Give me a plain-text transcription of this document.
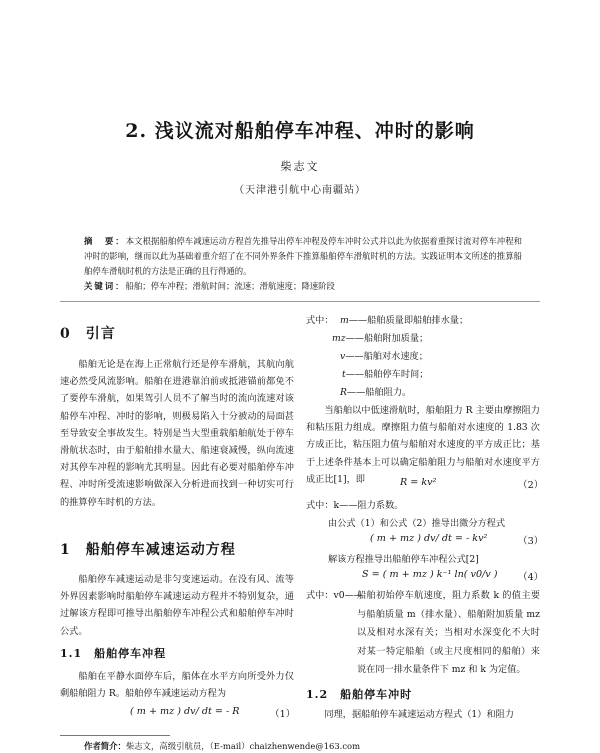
2. 浅议流对船舶停车冲程、冲时的影响
柴志文
（天津港引航中心南疆站）
摘　要：本文根据船舶停车减速运动方程首先推导出停车冲程及停车冲时公式并以此为依据着重探讨流对停车冲程和冲时的影响，继而以此为基础着重介绍了在不同外界条件下推算船舶停车滑航时机的方法。实践证明本文所述的推算船舶停车滑航时机的方法是正确的且行得通的。
关键词：船舶；停车冲程；滑航时间；流速；滑航速度；降速阶段
0　引言
船舶无论是在海上正常航行还是停车滑航，其航向航速必然受风流影响。船舶在进港靠泊前或抵港锚前都免不了要停车滑航，如果驾引人员不了解当时的流向流速对该船停车冲程、冲时的影响，则极易陷入十分被动的局面甚至导致安全事故发生。特别是当大型重载船舶航处于停车滑航状态时，由于船舶排水量大、船速衰减慢，纵向流速对其停车冲程的影响尤其明显。因此有必要对船舶停车冲程、冲时所受流速影响做深入分析进而找到一种切实可行的推算停车时机的方法。
1　船舶停车减速运动方程
船舶停车减速运动是非匀变速运动。在没有风、流等外界因素影响时船舶停车减速运动方程并不特别复杂，通过解该方程即可推导出船舶停车冲程公式和船舶停车冲时公式。
1.1　船舶停车冲程
船舶在平静水面停车后，船体在水平方向所受外力仅剩船舶阻力 R。船舶停车减速运动方程为
( m + mz ) dv/ dt = - R	（1）
式中： m——船舶质量即船舶排水量；
mz——船舶附加质量；
v——船舶对水速度；
t——船舶停车时间；
R——船舶阻力。
当船舶以中低速滑航时，船舶阻力 R 主要由摩擦阻力和粘压阻力组成。摩擦阻力值与船舶对水速度的 1.83 次方成正比，粘压阻力值与船舶对水速度的平方成正比；基于上述条件基本上可以确定船舶阻力与船舶对水速度平方成正比[1]，即	R = kv²	（2）
式中：k——阻力系数。
由公式（1）和公式（2）推导出微分方程式
( m + mz ) dv/ dt = - kv²	（3）
解该方程推导出船舶停车冲程公式[2]
S = ( m + mz ) k⁻¹ ln( v0/v ) （4）
式中：v0——
船舶初始停车航速度，阻力系数 k 的值主要与船舶质量 m（排水量）、船舶附加质量 mz 以及相对水深有关；当相对水深变化不大时对某一特定船舶（或主尺度相同的船舶）来说在同一排水量条件下 mz 和 k 为定值。
1.2　船舶停车冲时
同理，据船舶停车减速运动方程式（1）和阻力
作者简介：柴志文，高级引航员，（E-mail）chaizhenwende@163.com
